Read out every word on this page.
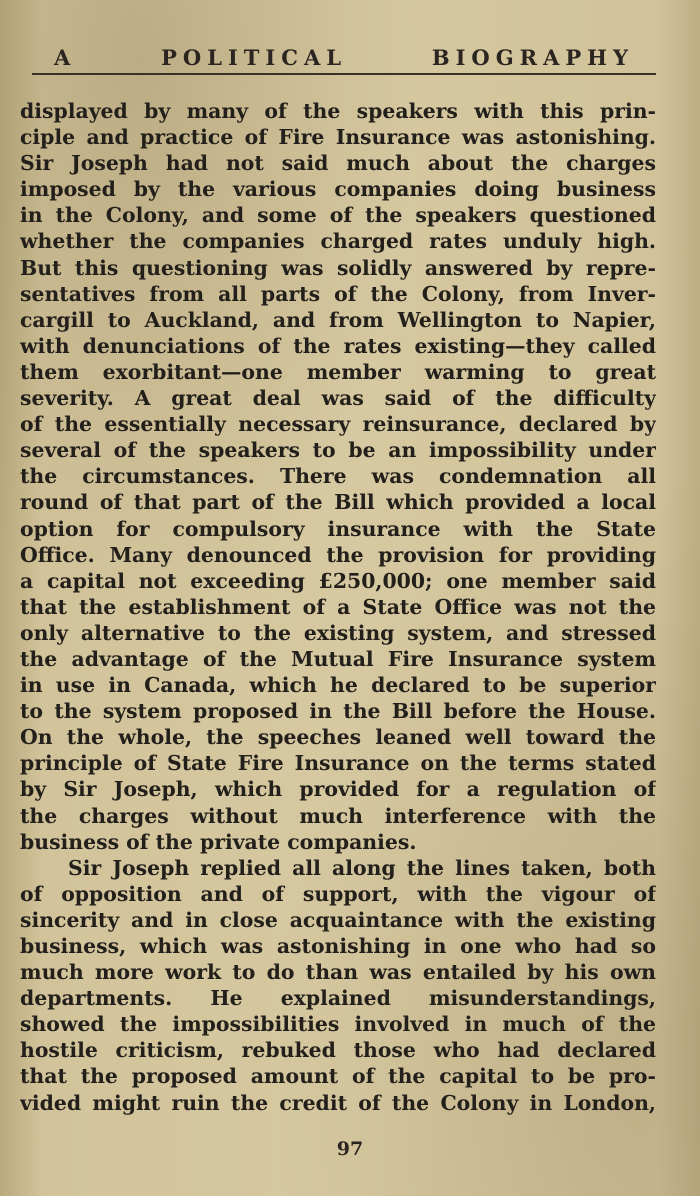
A	POLITICAL	BIOGRAPHY
displayed by many of the speakers with this prin-
ciple and practice of Fire Insurance was astonishing.
Sir Joseph had not said much about the charges
imposed by the various companies doing business
in the Colony, and some of the speakers questioned
whether the companies charged rates unduly high.
But this questioning was solidly answered by repre-
sentatives from all parts of the Colony, from Inver-
cargill to Auckland, and from Wellington to Napier,
with denunciations of the rates existing—they called
them exorbitant—one member warming to great
severity. A great deal was said of the difficulty
of the essentially necessary reinsurance, declared by
several of the speakers to be an impossibility under
the circumstances. There was condemnation all
round of that part of the Bill which provided a local
option for compulsory insurance with the State
Office. Many denounced the provision for providing
a capital not exceeding £250,000; one member said
that the establishment of a State Office was not the
only alternative to the existing system, and stressed
the advantage of the Mutual Fire Insurance system
in use in Canada, which he declared to be superior
to the system proposed in the Bill before the House.
On the whole, the speeches leaned well toward the
principle of State Fire Insurance on the terms stated
by Sir Joseph, which provided for a regulation of
the charges without much interference with the
business of the private companies.
Sir Joseph replied all along the lines taken, both
of opposition and of support, with the vigour of
sincerity and in close acquaintance with the existing
business, which was astonishing in one who had so
much more work to do than was entailed by his own
departments. He explained misunderstandings,
showed the impossibilities involved in much of the
hostile criticism, rebuked those who had declared
that the proposed amount of the capital to be pro-
vided might ruin the credit of the Colony in London,
97
